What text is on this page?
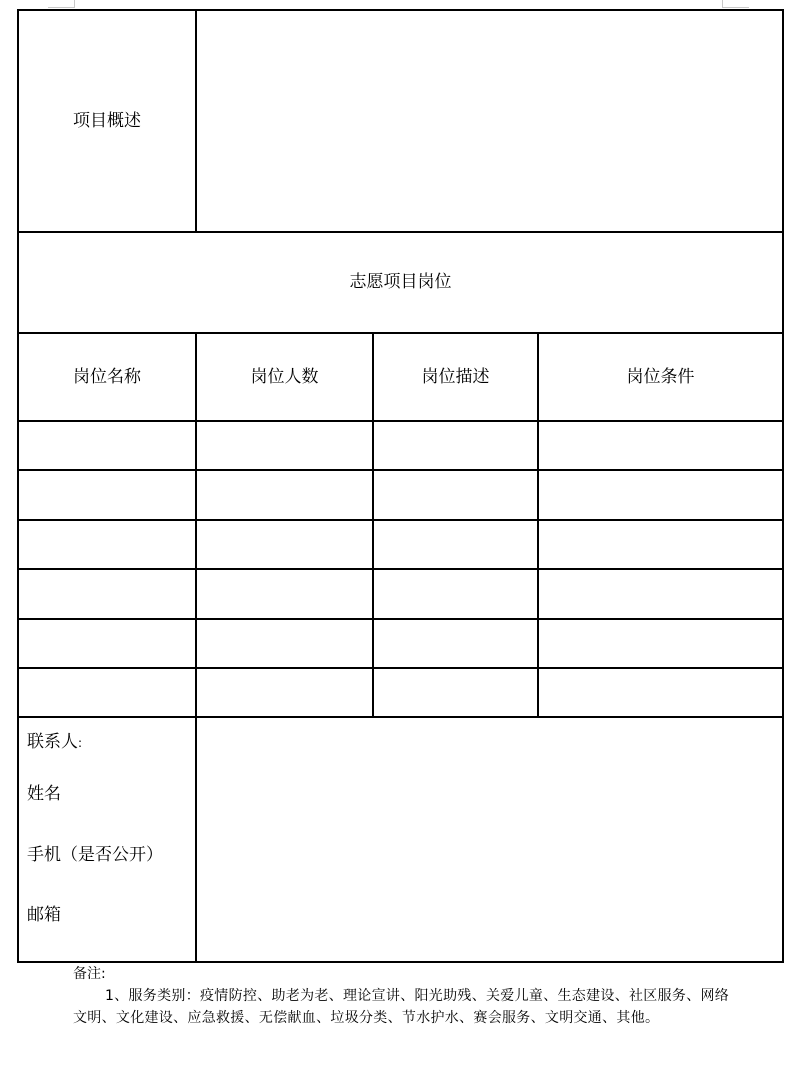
项目概述			
志愿项目岗位			
岗位名称	岗位人数	岗位描述	岗位条件

联系人:
姓名
手机（是否公开）
邮箱			

备注:
1、服务类别：疫情防控、助老为老、理论宣讲、阳光助残、关爱儿童、生态建设、社区服务、网络文明、文化建设、应急救援、无偿献血、垃圾分类、节水护水、赛会服务、文明交通、其他。
